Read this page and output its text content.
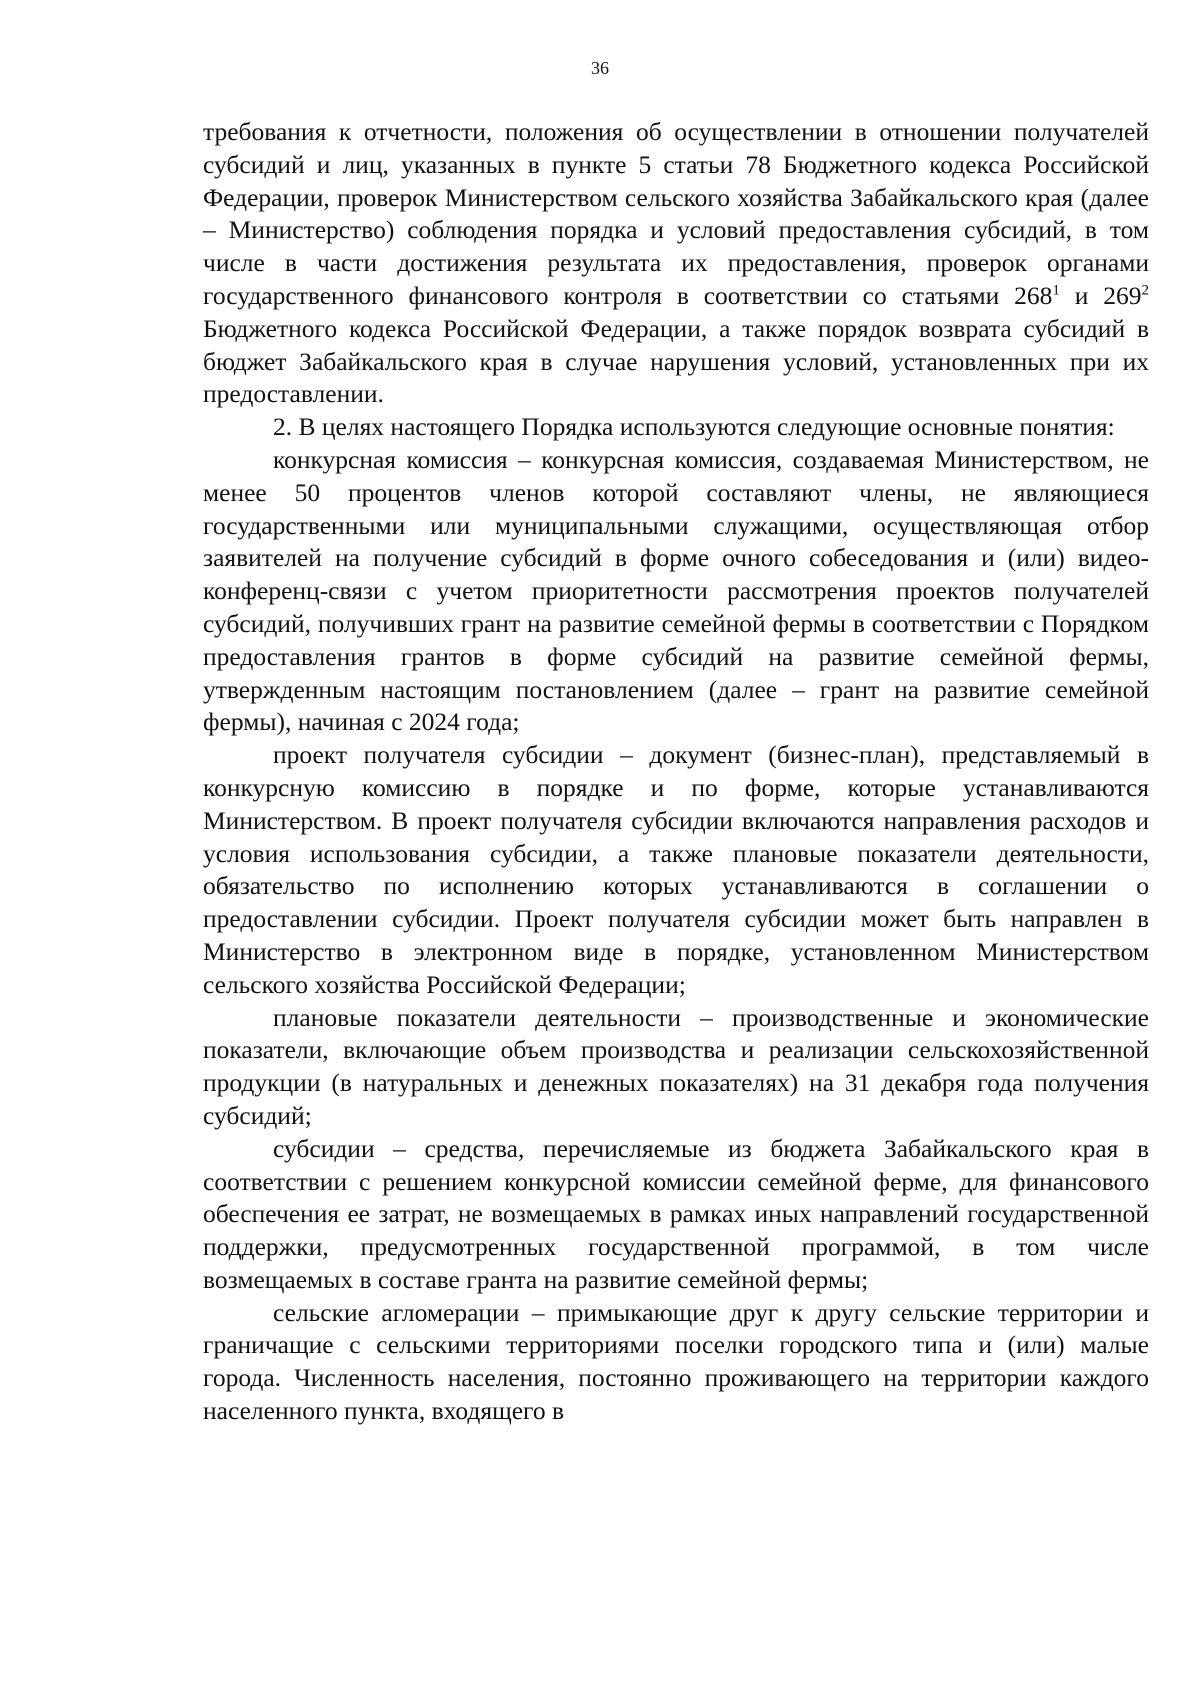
36

требования к отчетности, положения об осуществлении в отношении получателей субсидий и лиц, указанных в пункте 5 статьи 78 Бюджетного кодекса Российской Федерации, проверок Министерством сельского хозяйства Забайкальского края (далее – Министерство) соблюдения порядка и условий предоставления субсидий, в том числе в части достижения результата их предоставления, проверок органами государственного финансового контроля в соответствии со статьями $268^1$ и $269^2$ Бюджетного кодекса Российской Федерации, а также порядок возврата субсидий в бюджет Забайкальского края в случае нарушения условий, установленных при их предоставлении.

2. В целях настоящего Порядка используются следующие основные понятия:

конкурсная комиссия – конкурсная комиссия, создаваемая Министерством, не менее 50 процентов членов которой составляют члены, не являющиеся государственными или муниципальными служащими, осуществляющая отбор заявителей на получение субсидий в форме очного собеседования и (или) видео-конференц-связи с учетом приоритетности рассмотрения проектов получателей субсидий, получивших грант на развитие семейной фермы в соответствии с Порядком предоставления грантов в форме субсидий на развитие семейной фермы, утвержденным настоящим постановлением (далее – грант на развитие семейной фермы), начиная с 2024 года;

проект получателя субсидии – документ (бизнес-план), представляемый в конкурсную комиссию в порядке и по форме, которые устанавливаются Министерством. В проект получателя субсидии включаются направления расходов и условия использования субсидии, а также плановые показатели деятельности, обязательство по исполнению которых устанавливаются в соглашении о предоставлении субсидии. Проект получателя субсидии может быть направлен в Министерство в электронном виде в порядке, установленном Министерством сельского хозяйства Российской Федерации;

плановые показатели деятельности – производственные и экономические показатели, включающие объем производства и реализации сельскохозяйственной продукции (в натуральных и денежных показателях) на 31 декабря года получения субсидий;

субсидии – средства, перечисляемые из бюджета Забайкальского края в соответствии с решением конкурсной комиссии семейной ферме, для финансового обеспечения ее затрат, не возмещаемых в рамках иных направлений государственной поддержки, предусмотренных государственной программой, в том числе возмещаемых в составе гранта на развитие семейной фермы;

сельские агломерации – примыкающие друг к другу сельские территории и граничащие с сельскими территориями поселки городского типа и (или) малые города. Численность населения, постоянно проживающего на территории каждого населенного пункта, входящего в
